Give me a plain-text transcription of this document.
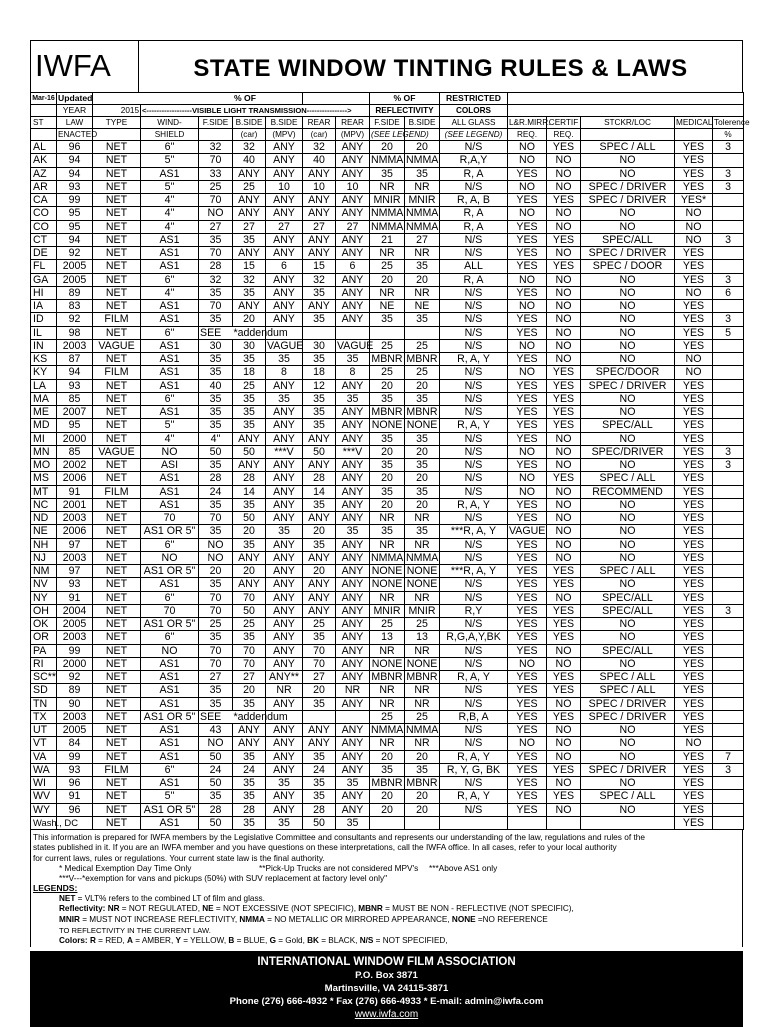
IWFA	STATE WINDOW TINTING RULES & LAWS
Mar-16	Updated				% OF				% OF		RESTRICTED					
	YEAR	2015	<------------------VISIBLE LIGHT TRANSMISSION---------------->						REFLECTIVITY		COLORS					
ST	LAW	TYPE	WIND-	F.SIDE	B.SIDE	B.SIDE	REAR	REAR	F.SIDE	B.SIDE	ALL GLASS	L&R.MIRR.	CERTIF	STCKR/LOC	MEDICAL	Tolerence
	ENACTED		SHIELD		(car)	(MPV)	(car)	(MPV)	(SEE LEGEND)		(SEE LEGEND)	REQ.	REQ.			%
AL	96	NET	6"	32	32	ANY	32	ANY	20	20	N/S	NO	YES	SPEC / ALL	YES	3
AK	94	NET	5"	70	40	ANY	40	ANY	NMMA	NMMA	R,A,Y	NO	NO	NO	YES	
AZ	94	NET	AS1	33	ANY	ANY	ANY	ANY	35	35	R, A	YES	NO	NO	YES	3
AR	93	NET	5"	25	25	10	10	10	NR	NR	N/S	NO	NO	SPEC / DRIVER	YES	3
CA	99	NET	4"	70	ANY	ANY	ANY	ANY	MNIR	MNIR	R, A, B	YES	YES	SPEC / DRIVER	YES*	
CO	95	NET	4"	NO	ANY	ANY	ANY	ANY	NMMA	NMMA	R, A	NO	NO	NO	NO	
CO	95	NET	4"	27	27	27	27	27	NMMA	NMMA	R, A	YES	NO	NO	NO	
CT	94	NET	AS1	35	35	ANY	ANY	ANY	21	27	N/S	YES	YES	SPEC/ALL	NO	3
DE	92	NET	AS1	70	ANY	ANY	ANY	ANY	NR	NR	N/S	YES	NO	SPEC / DRIVER	YES	
FL	2005	NET	AS1	28	15	6	15	6	25	35	ALL	YES	YES	SPEC / DOOR	YES	
GA	2005	NET	6"	32	32	ANY	32	ANY	20	20	R, A	NO	NO	NO	YES	3
HI	89	NET	4"	35	35	ANY	35	ANY	NR	NR	N/S	YES	NO	NO	NO	6
IA	83	NET	AS1	70	ANY	ANY	ANY	ANY	NE	NE	N/S	NO	NO	NO	YES	
ID	92	FILM	AS1	35	20	ANY	35	ANY	35	35	N/S	YES	NO	NO	YES	3
IL	98	NET	6"	SEE	*addendum						N/S	YES	NO	NO	YES	5
IN	2003	VAGUE	AS1	30	30	VAGUE	30	VAGUE	25	25	N/S	NO	NO	NO	YES	
KS	87	NET	AS1	35	35	35	35	35	MBNR	MBNR	R, A, Y	YES	NO	NO	NO	
KY	94	FILM	AS1	35	18	8	18	8	25	25	N/S	NO	YES	SPEC/DOOR	NO	
LA	93	NET	AS1	40	25	ANY	12	ANY	20	20	N/S	YES	YES	SPEC / DRIVER	YES	
MA	85	NET	6"	35	35	35	35	35	35	35	N/S	YES	YES	NO	YES	
ME	2007	NET	AS1	35	35	ANY	35	ANY	MBNR	MBNR	N/S	YES	YES	NO	YES	
MD	95	NET	5"	35	35	ANY	35	ANY	NONE	NONE	R, A, Y	YES	YES	SPEC/ALL	YES	
MI	2000	NET	4"	4"	ANY	ANY	ANY	ANY	35	35	N/S	YES	NO	NO	YES	
MN	85	VAGUE	NO	50	50	***V	50	***V	20	20	N/S	NO	NO	SPEC/DRIVER	YES	3
MO	2002	NET	ASI	35	ANY	ANY	ANY	ANY	35	35	N/S	YES	NO	NO	YES	3
MS	2006	NET	AS1	28	28	ANY	28	ANY	20	20	N/S	NO	YES	SPEC / ALL	YES	
MT	91	FILM	AS1	24	14	ANY	14	ANY	35	35	N/S	NO	NO	RECOMMEND	YES	
NC	2001	NET	AS1	35	35	ANY	35	ANY	20	20	R, A, Y	YES	NO	NO	YES	
ND	2003	NET	70	70	50	ANY	ANY	ANY	NR	NR	N/S	YES	NO	NO	YES	
NE	2006	NET	AS1 OR 5"	35	20	35	20	35	35	35	***R, A, Y	VAGUE	NO	NO	YES	
NH	97	NET	6"	NO	35	ANY	35	ANY	NR	NR	N/S	YES	NO	NO	YES	
NJ	2003	NET	NO	NO	ANY	ANY	ANY	ANY	NMMA	NMMA	N/S	YES	NO	NO	YES	
NM	97	NET	AS1 OR 5"	20	20	ANY	20	ANY	NONE	NONE	***R, A, Y	YES	YES	SPEC / ALL	YES	
NV	93	NET	AS1	35	ANY	ANY	ANY	ANY	NONE	NONE	N/S	YES	YES	NO	YES	
NY	91	NET	6"	70	70	ANY	ANY	ANY	NR	NR	N/S	YES	NO	SPEC/ALL	YES	
OH	2004	NET	70	70	50	ANY	ANY	ANY	MNIR	MNIR	R,Y	YES	YES	SPEC/ALL	YES	3
OK	2005	NET	AS1 OR 5"	25	25	ANY	25	ANY	25	25	N/S	YES	YES	NO	YES	
OR	2003	NET	6"	35	35	ANY	35	ANY	13	13	R,G,A,Y,BK	YES	YES	NO	YES	
PA	99	NET	NO	70	70	ANY	70	ANY	NR	NR	N/S	YES	NO	SPEC/ALL	YES	
RI	2000	NET	AS1	70	70	ANY	70	ANY	NONE	NONE	N/S	NO	NO	NO	YES	
SC**	92	NET	AS1	27	27	ANY**	27	ANY	MBNR	MBNR	R, A, Y	YES	YES	SPEC / ALL	YES	
SD	89	NET	AS1	35	20	NR	20	NR	NR	NR	N/S	YES	YES	SPEC / ALL	YES	
TN	90	NET	AS1	35	35	ANY	35	ANY	NR	NR	N/S	YES	NO	SPEC / DRIVER	YES	
TX	2003	NET	AS1 OR 5"	SEE	*addendum				25	25	R,B, A	YES	YES	SPEC / DRIVER	YES	
UT	2005	NET	AS1	43	ANY	ANY	ANY	ANY	NMMA	NMMA	N/S	YES	NO	NO	YES	
VT	84	NET	AS1	NO	ANY	ANY	ANY	ANY	NR	NR	N/S	NO	NO	NO	NO	
VA	99	NET	AS1	50	35	ANY	35	ANY	20	20	R, A, Y	YES	NO	NO	YES	7
WA	93	FILM	6"	24	24	ANY	24	ANY	35	35	R, Y, G, BK	YES	YES	SPEC / DRIVER	YES	3
WI	96	NET	AS1	50	35	35	35	35	MBNR	MBNR	N/S	YES	NO	NO	YES	
WV	91	NET	5"	35	35	ANY	35	ANY	20	20	R, A, Y	YES	YES	SPEC / ALL	YES	
WY	96	NET	AS1 OR 5"	28	28	ANY	28	ANY	20	20	N/S	YES	NO	NO	YES	
Wash., DC		NET	AS1	50	35	35	50	35							YES	
This information is prepared for IWFA members by the Legislative Committee and consultants and represents our understanding of the law, regulations and rules of the
states published in it. If you are an IWFA member and you have questions on these interpretations, call the IWFA office. In all cases, refer to your local authority
for current laws, rules or regulations. Your current state law is the final authority.
* Medical Exemption Day Time Only	**Pick-Up Trucks are not considered MPV's	***Above AS1 only
***V---*exemption for vans and pickups (50%) with SUV replacement at factory level only"
LEGENDS:
NET = VLT% refers to the combined LT of film and glass.
Reflectivity: NR = NOT REGULATED, NE = NOT EXCESSIVE (NOT SPECIFIC), MBNR = MUST BE NON - REFLECTIVE (NOT SPECIFIC),
MNIR = MUST NOT INCREASE REFLECTIVITY, NMMA = NO METALLIC OR MIRRORED APPEARANCE, NONE =NO REFERENCE
TO REFLECTIVITY IN THE CURRENT LAW.
Colors: R = RED, A = AMBER, Y = YELLOW, B = BLUE, G = Gold, BK = BLACK, N/S = NOT SPECIFIED,
INTERNATIONAL WINDOW FILM ASSOCIATION
P.O. Box 3871
Martinsville, VA 24115-3871
Phone (276) 666-4932 * Fax (276) 666-4933 * E-mail: admin@iwfa.com
www.iwfa.com
